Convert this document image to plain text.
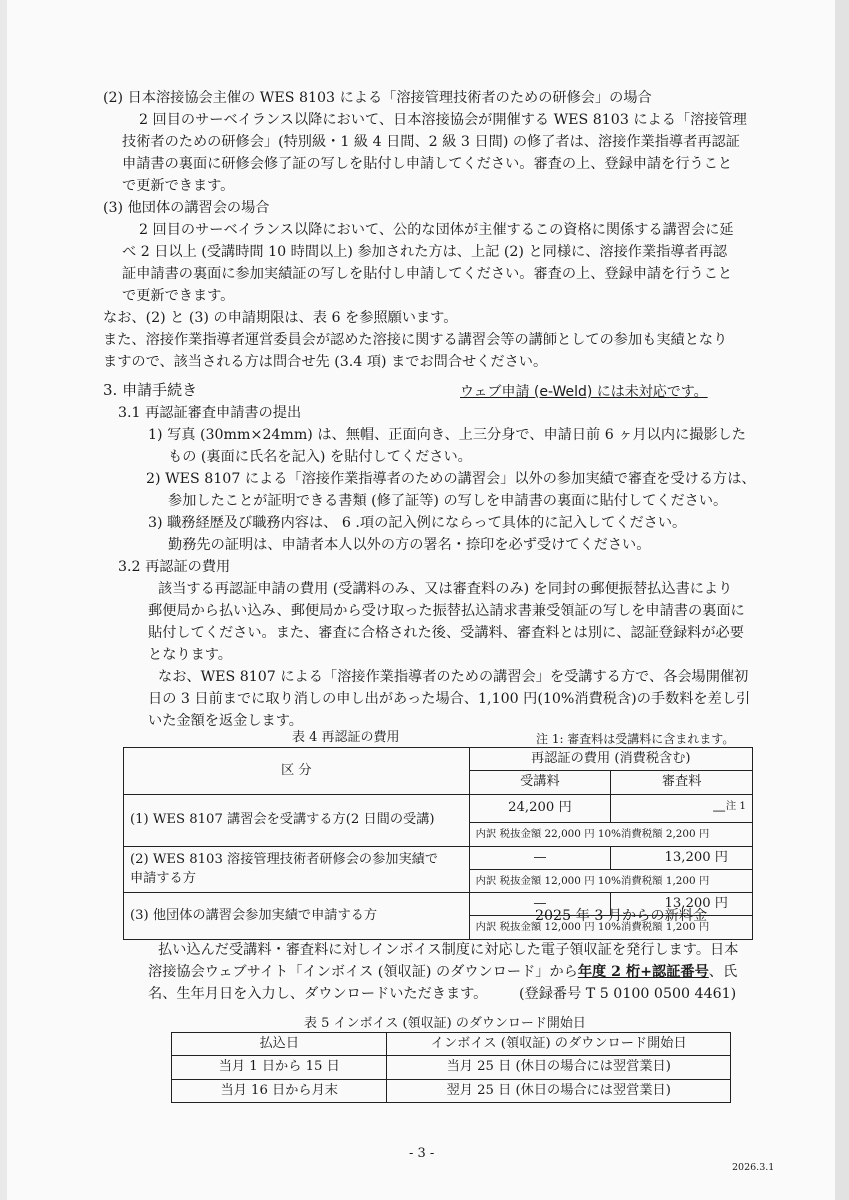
(2) 日本溶接協会主催の WES 8103 による「溶接管理技術者のための研修会」の場合
2 回目のサーベイランス以降において、日本溶接協会が開催する WES 8103 による「溶接管理
技術者のための研修会」(特別級・1 級 4 日間、2 級 3 日間) の修了者は、溶接作業指導者再認証
申請書の裏面に研修会修了証の写しを貼付し申請してください。審査の上、登録申請を行うこと
で更新できます。
(3) 他団体の講習会の場合
2 回目のサーベイランス以降において、公的な団体が主催するこの資格に関係する講習会に延
べ 2 日以上 (受講時間 10 時間以上) 参加された方は、上記 (2) と同様に、溶接作業指導者再認
証申請書の裏面に参加実績証の写しを貼付し申請してください。審査の上、登録申請を行うこと
で更新できます。
なお、(2) と (3) の申請期限は、表 6 を参照願います。
また、溶接作業指導者運営委員会が認めた溶接に関する講習会等の講師としての参加も実績となり
ますので、該当される方は問合せ先 (3.4 項) までお問合せください。
3. 申請手続き	ウェブ申請 (e-Weld) には未対応です。
3.1 再認証審査申請書の提出
1) 写真 (30mm×24mm) は、無帽、正面向き、上三分身で、申請日前 6 ヶ月以内に撮影した
もの (裏面に氏名を記入) を貼付してください。
2) WES 8107 による「溶接作業指導者のための講習会」以外の参加実績で審査を受ける方は、
参加したことが証明できる書類 (修了証等) の写しを申請書の裏面に貼付してください。
3) 職務経歴及び職務内容は、 6 .項の記入例にならって具体的に記入してください。
勤務先の証明は、申請者本人以外の方の署名・捺印を必ず受けてください。
3.2 再認証の費用
該当する再認証申請の費用 (受講料のみ、又は審査料のみ) を同封の郵便振替払込書により
郵便局から払い込み、郵便局から受け取った振替払込請求書兼受領証の写しを申請書の裏面に
貼付してください。また、審査に合格された後、受講料、審査料とは別に、認証登録料が必要
となります。
なお、WES 8107 による「溶接作業指導者のための講習会」を受講する方で、各会場開催初
日の 3 日前までに取り消しの申し出があった場合、1,100 円(10%消費税含)の手数料を差し引
いた金額を返金します。
表 4 再認証の費用	注 1: 審査料は受講料に含まれます。
区 分	再認証の費用 (消費税含む)	
	受講料	審査料
(1) WES 8107 講習会を受講する方(2 日間の受講)	24,200 円	—$^{注 1}$
	内訳 税抜金額 22,000 円 10%消費税額 2,200 円	
(2) WES 8103 溶接管理技術者研修会の参加実績で
申請する方	—	13,200 円
	内訳 税抜金額 12,000 円 10%消費税額 1,200 円	
(3) 他団体の講習会参加実績で申請する方	—	13,200 円
	内訳 税抜金額 12,000 円 10%消費税額 1,200 円	
2025 年 3 月からの新料金
払い込んだ受講料・審査料に対しインボイス制度に対応した電子領収証を発行します。日本
溶接協会ウェブサイト「インボイス (領収証) のダウンロード」から年度 2 桁+認証番号、氏
名、生年月日を入力し、ダウンロードいただきます。 (登録番号 T 5 0100 0500 4461)
表 5 インボイス (領収証) のダウンロード開始日
払込日	インボイス (領収証) のダウンロード開始日
当月 1 日から 15 日	当月 25 日 (休日の場合には翌営業日)
当月 16 日から月末	翌月 25 日 (休日の場合には翌営業日)
- 3 -
2026.3.1
